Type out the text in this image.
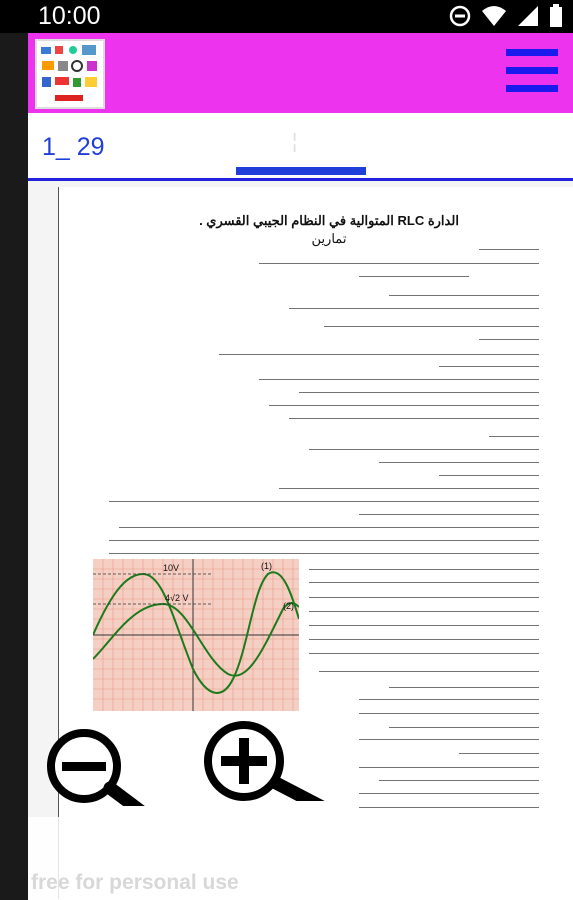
10:00
1_ 29	¦
الدارة RLC المتوالية في النظام الجيبي القسري .
تمارين
10V
4√2 V
(1)
(2)
free for personal use
